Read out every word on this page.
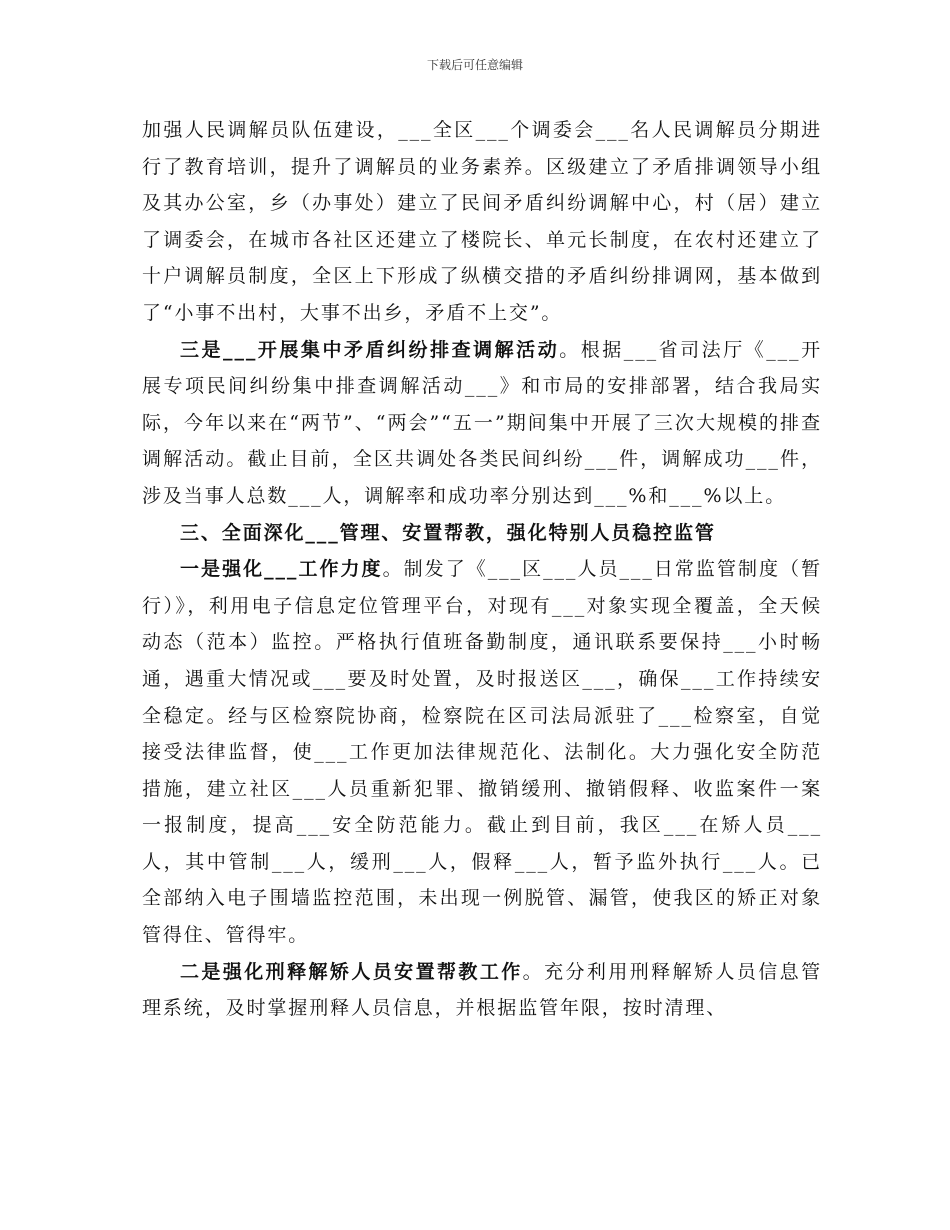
下载后可任意编辑

加强人民调解员队伍建设，___全区___个调委会___名人民调解员分期进行了教育培训，提升了调解员的业务素养。区级建立了矛盾排调领导小组及其办公室，乡（办事处）建立了民间矛盾纠纷调解中心，村（居）建立了调委会，在城市各社区还建立了楼院长、单元长制度，在农村还建立了十户调解员制度，全区上下形成了纵横交措的矛盾纠纷排调网，基本做到了“小事不出村，大事不出乡，矛盾不上交”。

三是___开展集中矛盾纠纷排查调解活动。根据___省司法厅《___开展专项民间纠纷集中排查调解活动___》和市局的安排部署，结合我局实际，今年以来在“两节”、“两会”“五一”期间集中开展了三次大规模的排查调解活动。截止目前，全区共调处各类民间纠纷___件，调解成功___件，涉及当事人总数___人，调解率和成功率分别达到___%和___%以上。

三、全面深化___管理、安置帮教，强化特别人员稳控监管

一是强化___工作力度。制发了《___区___人员___日常监管制度（暂行）》，利用电子信息定位管理平台，对现有___对象实现全覆盖，全天候动态（范本）监控。严格执行值班备勤制度，通讯联系要保持___小时畅通，遇重大情况或___要及时处置，及时报送区___，确保___工作持续安全稳定。经与区检察院协商，检察院在区司法局派驻了___检察室，自觉接受法律监督，使___工作更加法律规范化、法制化。大力强化安全防范措施，建立社区___人员重新犯罪、撤销缓刑、撤销假释、收监案件一案一报制度，提高___安全防范能力。截止到目前，我区___在矫人员___人，其中管制___人，缓刑___人，假释___人，暂予监外执行___人。已全部纳入电子围墙监控范围，未出现一例脱管、漏管，使我区的矫正对象管得住、管得牢。

二是强化刑释解矫人员安置帮教工作。充分利用刑释解矫人员信息管理系统，及时掌握刑释人员信息，并根据监管年限，按时清理、
